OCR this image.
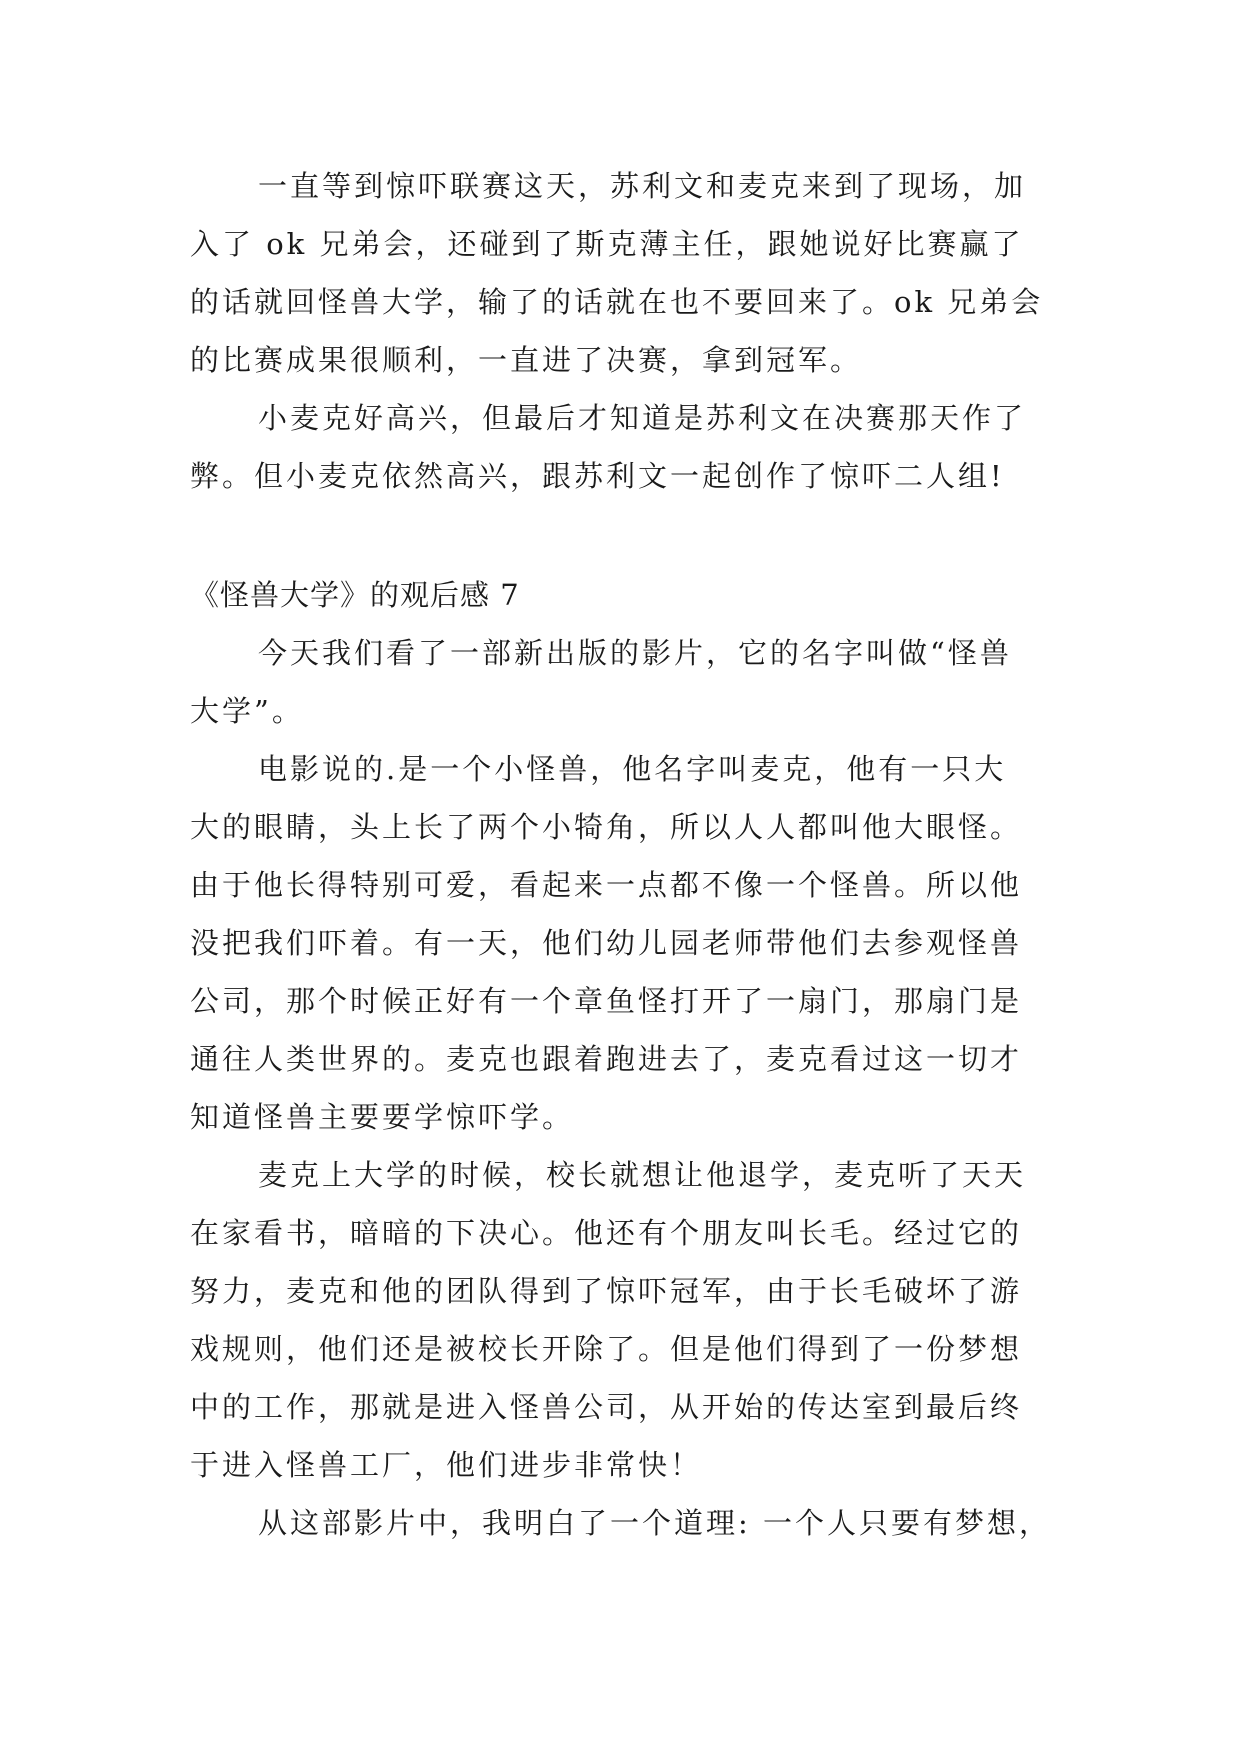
一直等到惊吓联赛这天，苏利文和麦克来到了现场，加
入了 ok 兄弟会，还碰到了斯克薄主任，跟她说好比赛赢了
的话就回怪兽大学，输了的话就在也不要回来了。ok 兄弟会
的比赛成果很顺利，一直进了决赛，拿到冠军。
小麦克好高兴，但最后才知道是苏利文在决赛那天作了
弊。但小麦克依然高兴，跟苏利文一起创作了惊吓二人组!
《怪兽大学》的观后感 7
今天我们看了一部新出版的影片，它的名字叫做“怪兽
大学”。
电影说的.是一个小怪兽，他名字叫麦克，他有一只大
大的眼睛，头上长了两个小犄角，所以人人都叫他大眼怪。
由于他长得特别可爱，看起来一点都不像一个怪兽。所以他
没把我们吓着。有一天，他们幼儿园老师带他们去参观怪兽
公司，那个时候正好有一个章鱼怪打开了一扇门，那扇门是
通往人类世界的。麦克也跟着跑进去了，麦克看过这一切才
知道怪兽主要要学惊吓学。
麦克上大学的时候，校长就想让他退学，麦克听了天天
在家看书，暗暗的下决心。他还有个朋友叫长毛。经过它的
努力，麦克和他的团队得到了惊吓冠军，由于长毛破坏了游
戏规则，他们还是被校长开除了。但是他们得到了一份梦想
中的工作，那就是进入怪兽公司，从开始的传达室到最后终
于进入怪兽工厂，他们进步非常快！
从这部影片中，我明白了一个道理: 一个人只要有梦想，
